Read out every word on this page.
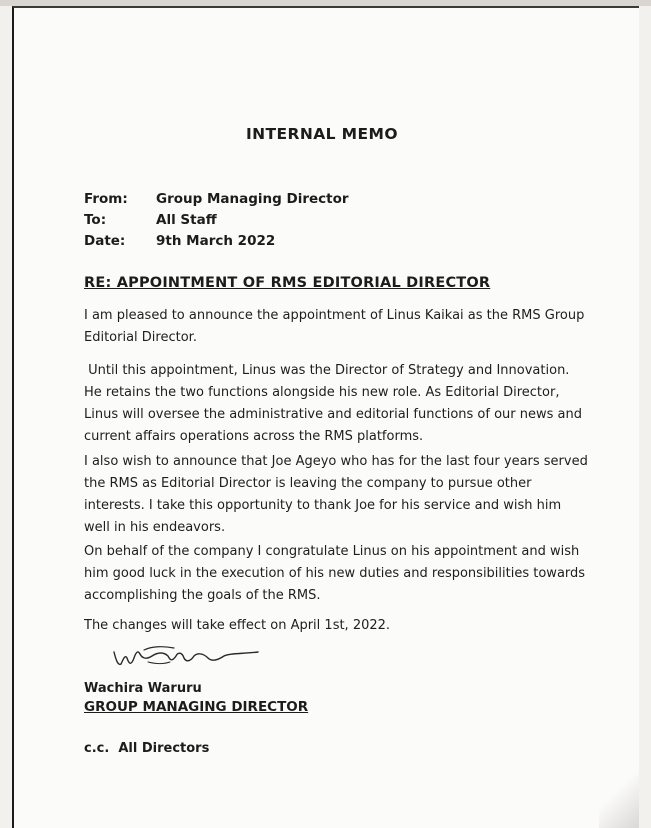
INTERNAL MEMO
From: Group Managing Director
To:	All Staff
Date: 9th March 2022
RE: APPOINTMENT OF RMS EDITORIAL DIRECTOR
I am pleased to announce the appointment of Linus Kaikai as the RMS Group
Editorial Director.
Until this appointment, Linus was the Director of Strategy and Innovation.
He retains the two functions alongside his new role. As Editorial Director,
Linus will oversee the administrative and editorial functions of our news and
current affairs operations across the RMS platforms.
I also wish to announce that Joe Ageyo who has for the last four years served
the RMS as Editorial Director is leaving the company to pursue other
interests. I take this opportunity to thank Joe for his service and wish him
well in his endeavors.
On behalf of the company I congratulate Linus on his appointment and wish
him good luck in the execution of his new duties and responsibilities towards
accomplishing the goals of the RMS.
The changes will take effect on April 1st, 2022.
Wachira Waruru
GROUP MANAGING DIRECTOR
c.c.  All Directors
